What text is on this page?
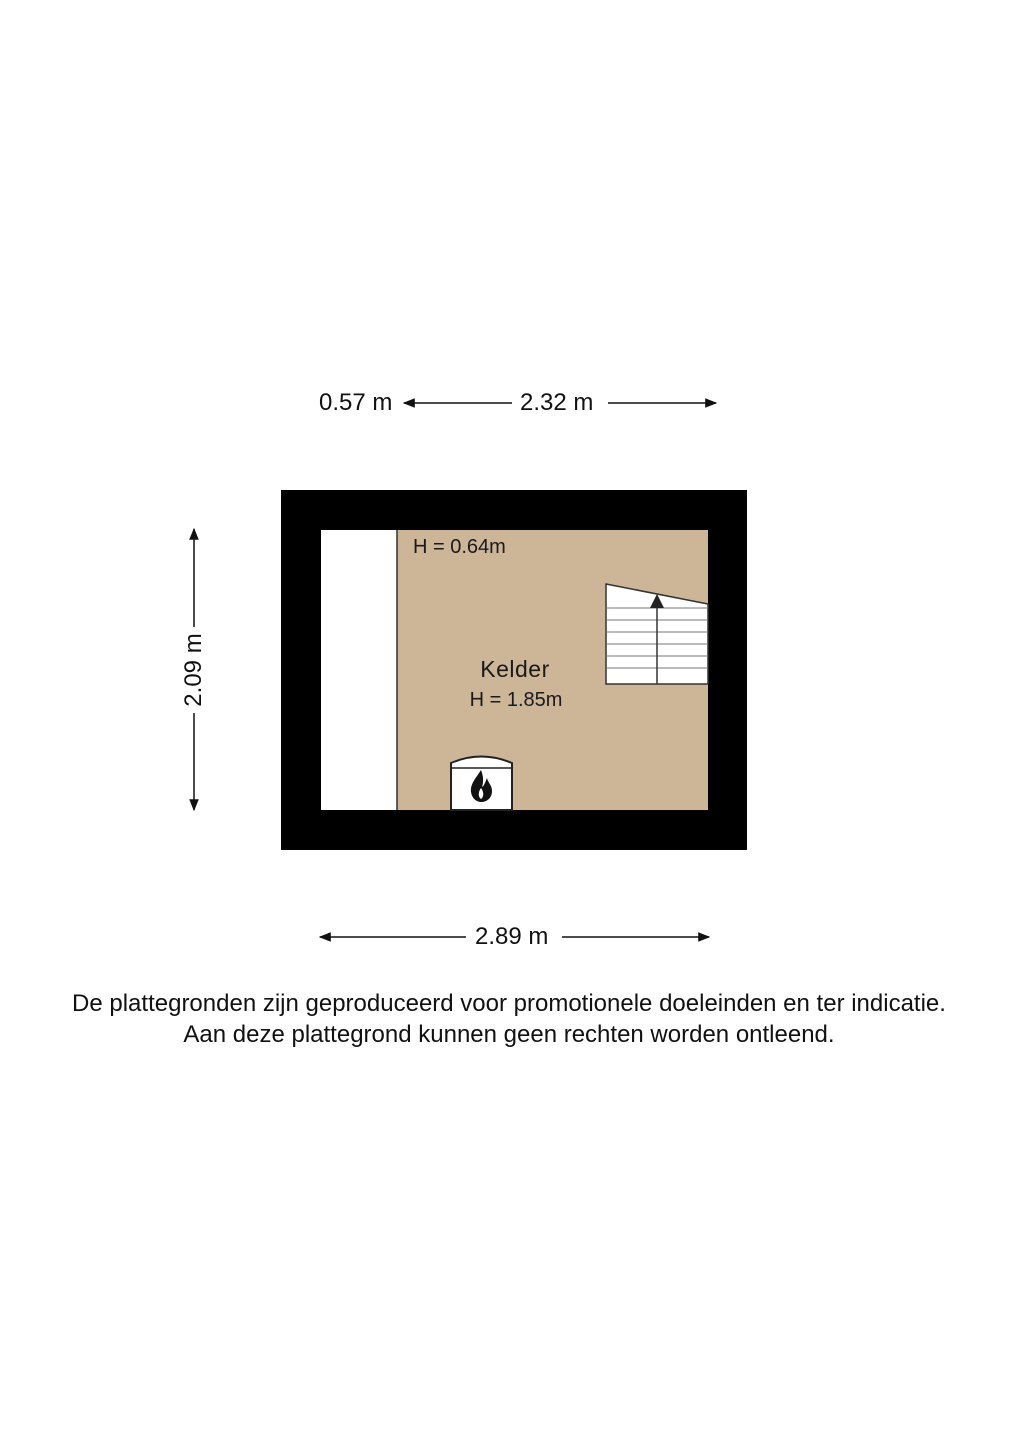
0.57 m	2.32 m
2.89 m
2.09 m
H = 0.64m
Kelder
H = 1.85m
De plattegronden zijn geproduceerd voor promotionele doeleinden en ter indicatie.
Aan deze plattegrond kunnen geen rechten worden ontleend.
